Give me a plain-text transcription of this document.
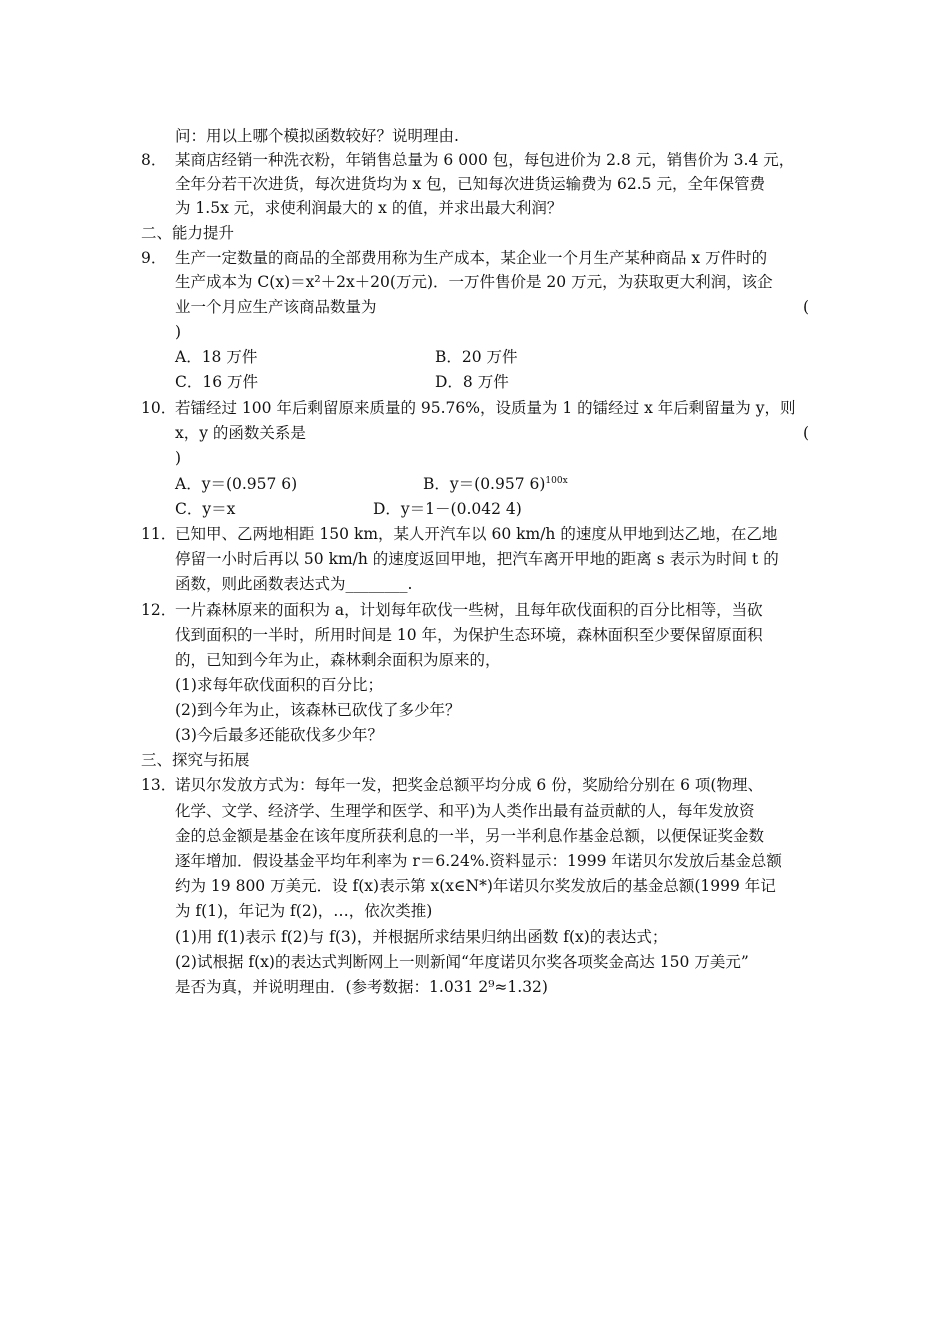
问：用以上哪个模拟函数较好？说明理由.
8． 某商店经销一种洗衣粉，年销售总量为 6 000 包，每包进价为 2.8 元，销售价为 3.4 元，
全年分若干次进货，每次进货均为 x 包，已知每次进货运输费为 62.5 元，全年保管费
为 1.5x 元，求使利润最大的 x 的值，并求出最大利润？
二、能力提升
9． 生产一定数量的商品的全部费用称为生产成本，某企业一个月生产某种商品 x 万件时的
生产成本为 C(x)＝x²＋2x＋20(万元)．一万件售价是 20 万元，为获取更大利润，该企
业一个月应生产该商品数量为	(
)
A．18 万件	B．20 万件
C．16 万件	D．8 万件
10．
若镭经过 100 年后剩留原来质量的 95.76%，设质量为 1 的镭经过 x 年后剩留量为 y，则
x，y 的函数关系是	(
)
A．y＝(0.957 6)	B．y＝(0.957 6)$^{100x}$
C．y＝x	D．y＝1－(0.042 4)
11．
已知甲、乙两地相距 150 km，某人开汽车以 60 km/h 的速度从甲地到达乙地，在乙地
停留一小时后再以 50 km/h 的速度返回甲地，把汽车离开甲地的距离 s 表示为时间 t 的
函数，则此函数表达式为________.
12．
一片森林原来的面积为 a，计划每年砍伐一些树，且每年砍伐面积的百分比相等，当砍
伐到面积的一半时，所用时间是 10 年，为保护生态环境，森林面积至少要保留原面积
的，已知到今年为止，森林剩余面积为原来的，
(1)求每年砍伐面积的百分比；
(2)到今年为止，该森林已砍伐了多少年？
(3)今后最多还能砍伐多少年？
三、探究与拓展
13．
诺贝尔发放方式为：每年一发，把奖金总额平均分成 6 份，奖励给分别在 6 项(物理、
化学、文学、经济学、生理学和医学、和平)为人类作出最有益贡献的人，每年发放资
金的总金额是基金在该年度所获利息的一半，另一半利息作基金总额，以便保证奖金数
逐年增加．假设基金平均年利率为 r＝6.24%.资料显示：1999 年诺贝尔发放后基金总额
约为 19 800 万美元．设 f(x)表示第 x(x∈N*)年诺贝尔奖发放后的基金总额(1999 年记
为 f(1)，年记为 f(2)，…，依次类推)
(1)用 f(1)表示 f(2)与 f(3)，并根据所求结果归纳出函数 f(x)的表达式；
(2)试根据 f(x)的表达式判断网上一则新闻“年度诺贝尔奖各项奖金高达 150 万美元”
是否为真，并说明理由．(参考数据：1.031 2⁹≈1.32)
